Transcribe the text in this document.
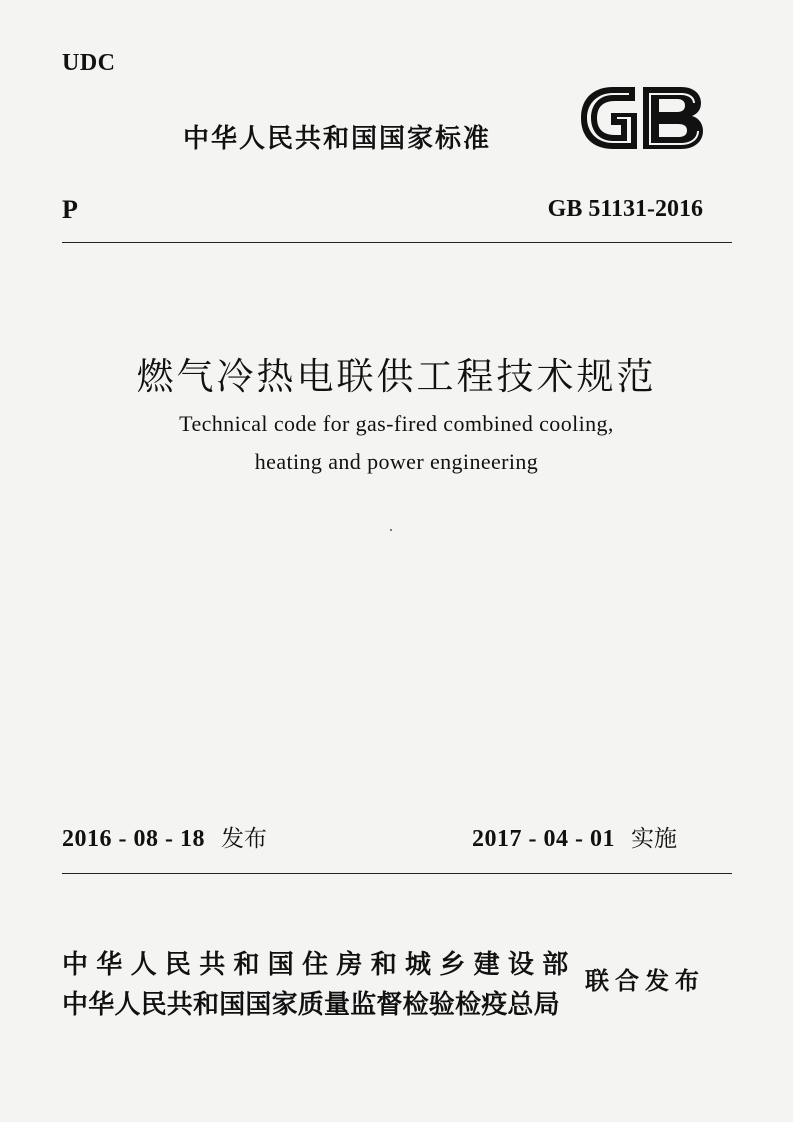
UDC
中华人民共和国国家标准
P	GB 51131-2016
燃气冷热电联供工程技术规范
Technical code for gas-fired combined cooling,
heating and power engineering
2016 - 08 - 18 发布	2017 - 04 - 01 实施
中华人民共和国住房和城乡建设部
中华人民共和国国家质量监督检验检疫总局
联合发布
